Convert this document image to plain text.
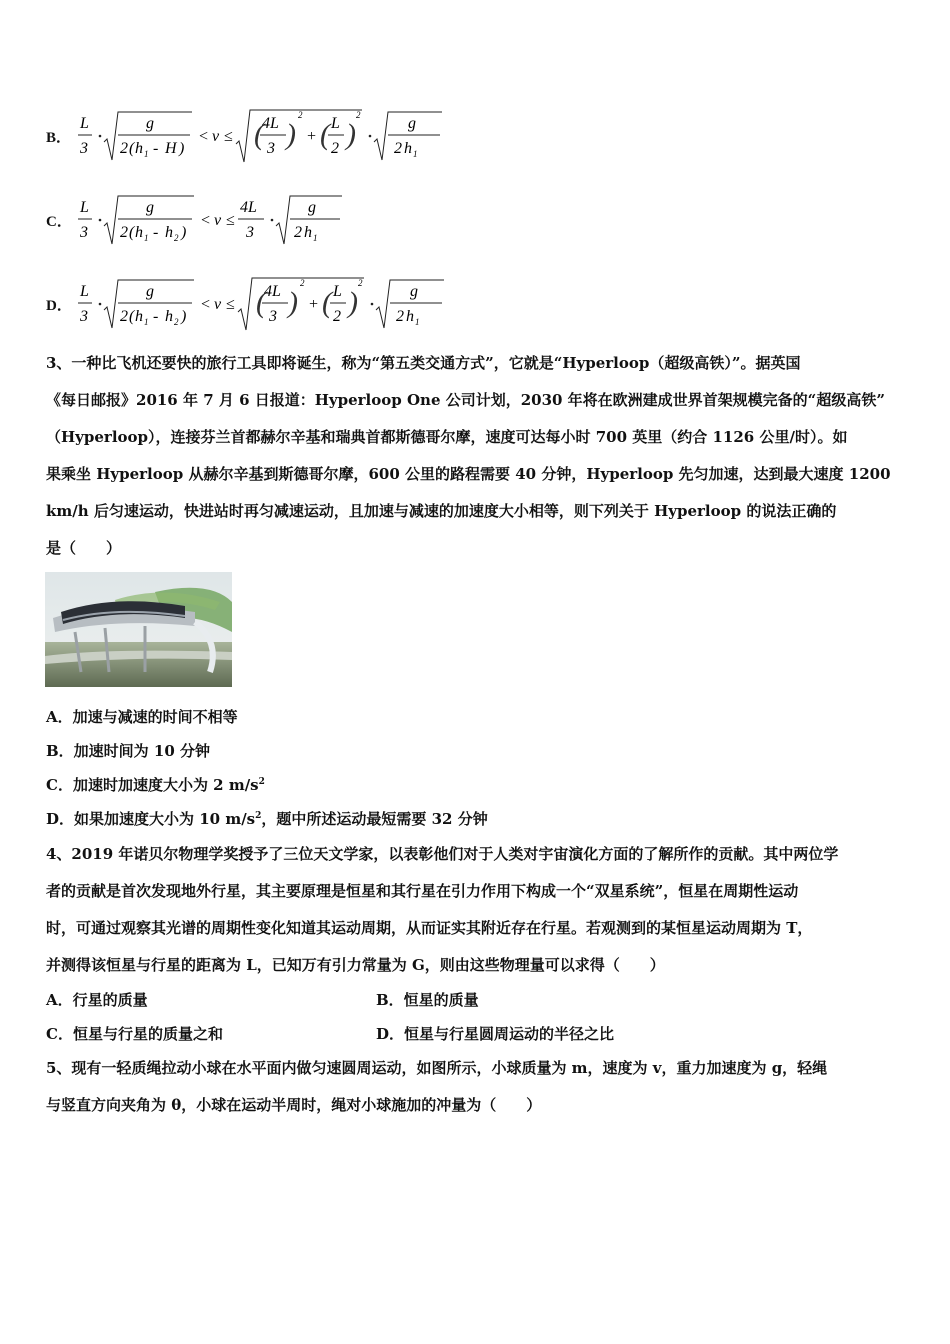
B．
L
3
g
2 ( h 1 - H )
< v ≤ (
4L
3 )
2
+ ( L
2 )
2	g
2 h 1
C．
L
3
g
2 ( h 1 - h 2 )
< v ≤
4L
3
g
2 h 1
D．
L
3
g
2 ( h 1 - h 2 )
< v ≤ (
4L
3 )
2
+ ( L
2 )
2	g
2 h 1
3、一种比飞机还要快的旅行工具即将诞生，称为“第五类交通方式”，它就是“Hyperloop（超级高铁）”。据英国
《每日邮报》2016 年 7 月 6 日报道：Hyperloop One 公司计划，2030 年将在欧洲建成世界首架规模完备的“超级高铁”
（Hyperloop），连接芬兰首都赫尔辛基和瑞典首都斯德哥尔摩，速度可达每小时 700 英里（约合 1126 公里/时）。如
果乘坐 Hyperloop 从赫尔辛基到斯德哥尔摩，600 公里的路程需要 40 分钟，Hyperloop 先匀加速，达到最大速度 1200
km/h 后匀速运动，快进站时再匀减速运动，且加速与减速的加速度大小相等，则下列关于 Hyperloop 的说法正确的
是（　　）
A．加速与减速的时间不相等
B．加速时间为 10 分钟
C．加速时加速度大小为 2 $m/s^2$
D．如果加速度大小为 10 $m/s^2$，题中所述运动最短需要 32 分钟
4、2019 年诺贝尔物理学奖授予了三位天文学家，以表彰他们对于人类对宇宙演化方面的了解所作的贡献。其中两位学
者的贡献是首次发现地外行星，其主要原理是恒星和其行星在引力作用下构成一个“双星系统”，恒星在周期性运动
时，可通过观察其光谱的周期性变化知道其运动周期，从而证实其附近存在行星。若观测到的某恒星运动周期为 T，
并测得该恒星与行星的距离为 L，已知万有引力常量为 G，则由这些物理量可以求得（　　）
A．行星的质量	B．恒星的质量
C．恒星与行星的质量之和	D．恒星与行星圆周运动的半径之比
5、现有一轻质绳拉动小球在水平面内做匀速圆周运动，如图所示，小球质量为 m，速度为 v，重力加速度为 g，轻绳
与竖直方向夹角为 θ，小球在运动半周时，绳对小球施加的冲量为（　　）
